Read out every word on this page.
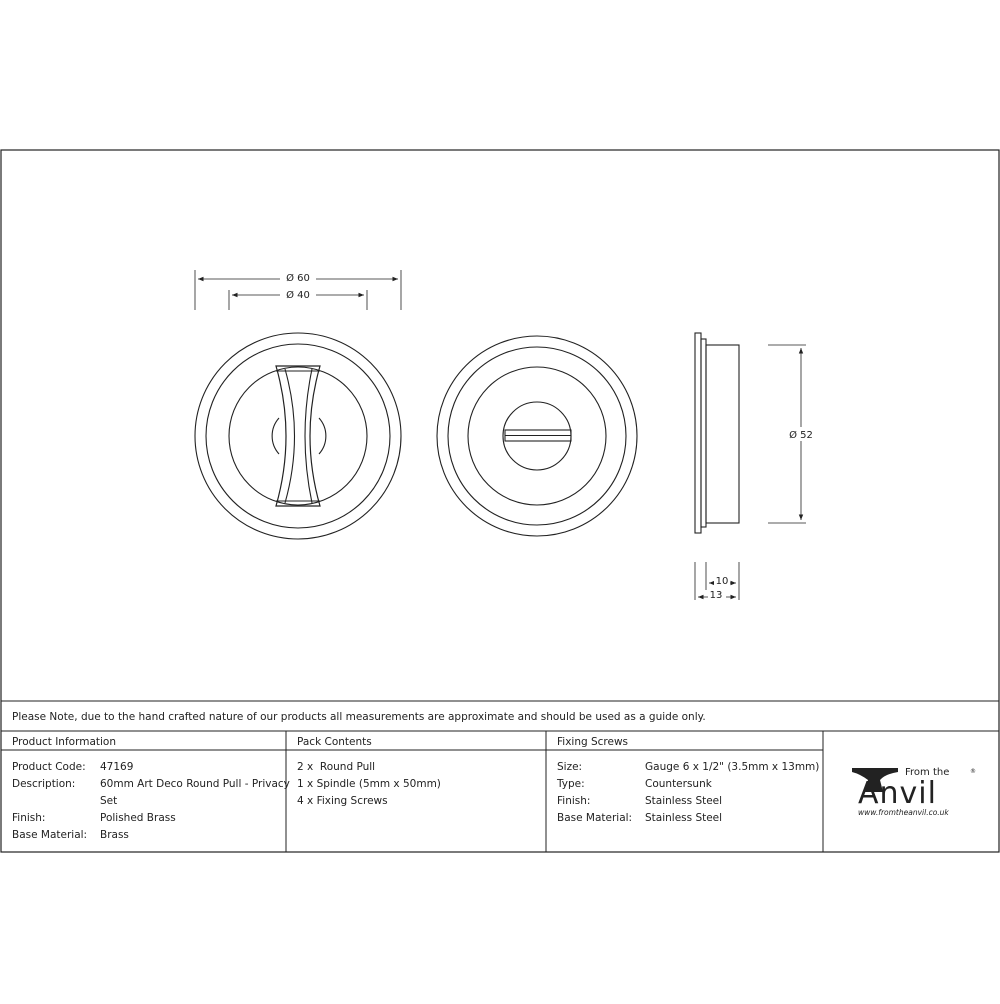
Ø 60
Ø 40
Ø 52
10
13
Please Note, due to the hand crafted nature of our products all measurements are approximate and should be used as a guide only.
Product Information
Product Code: 47169
Description: 60mm Art Deco Round Pull - Privacy
Set
Finish:	Polished Brass
Base Material: Brass
Pack Contents
2 x  Round Pull
1 x Spindle (5mm x 50mm)
4 x Fixing Screws
Fixing Screws
Size:	Gauge 6 x 1/2" (3.5mm x 13mm)
Type:	Countersunk
Finish:	Stainless Steel
Base Material: Stainless Steel
From the
Anvil
®
www.fromtheanvil.co.uk
